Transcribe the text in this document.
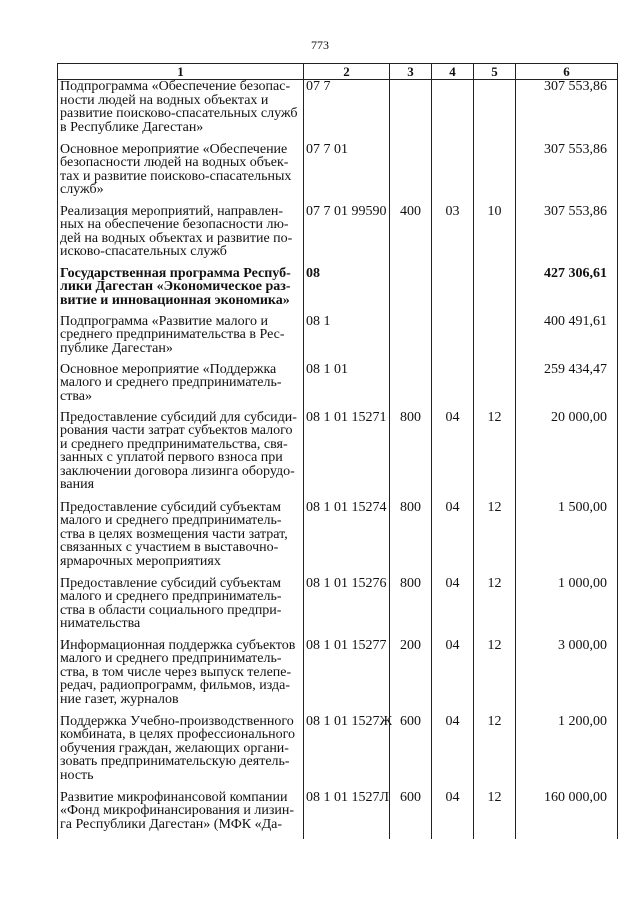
773
1	2	3	4	5	6
Подпрограмма «Обеспечение безопас-ности людей на водных объектах и развитие поисково-спасательных служб в Республике Дагестан»	07 7				307 553,86
Основное мероприятие «Обеспечение безопасности людей на водных объек-тах и развитие поисково-спасательных служб»	07 7 01				307 553,86
Реализация мероприятий, направлен-ных на обеспечение безопасности лю-дей на водных объектах и развитие по-исково-спасательных служб	07 7 01 99590	400	03	10	307 553,86
Государственная программа Респуб-лики Дагестан «Экономическое раз-витие и инновационная экономика»	08				427 306,61
Подпрограмма «Развитие малого и среднего предпринимательства в Рес-публике Дагестан»	08 1				400 491,61
Основное мероприятие «Поддержка малого и среднего предприниматель-ства»	08 1 01				259 434,47
Предоставление субсидий для субсиди-рования части затрат субъектов малого и среднего предпринимательства, свя-занных с уплатой первого взноса при заключении договора лизинга оборудо-вания	08 1 01 15271	800	04	12	20 000,00
Предоставление субсидий субъектам малого и среднего предприниматель-ства в целях возмещения части затрат, связанных с участием в выставочно-ярмарочных мероприятиях	08 1 01 15274	800	04	12	1 500,00
Предоставление субсидий субъектам малого и среднего предприниматель-ства в области социального предпри-нимательства	08 1 01 15276	800	04	12	1 000,00
Информационная поддержка субъектов малого и среднего предприниматель-ства, в том числе через выпуск телепе-редач, радиопрограмм, фильмов, изда-ние газет, журналов	08 1 01 15277	200	04	12	3 000,00
Поддержка Учебно-производственного комбината, в целях профессионального обучения граждан, желающих органи-зовать предпринимательскую деятель-ность	08 1 01 1527Ж	600	04	12	1 200,00
Развитие микрофинансовой компании «Фонд микрофинансирования и лизин-га Республики Дагестан» (МФК «Да-	08 1 01 1527Л	600	04	12	160 000,00
